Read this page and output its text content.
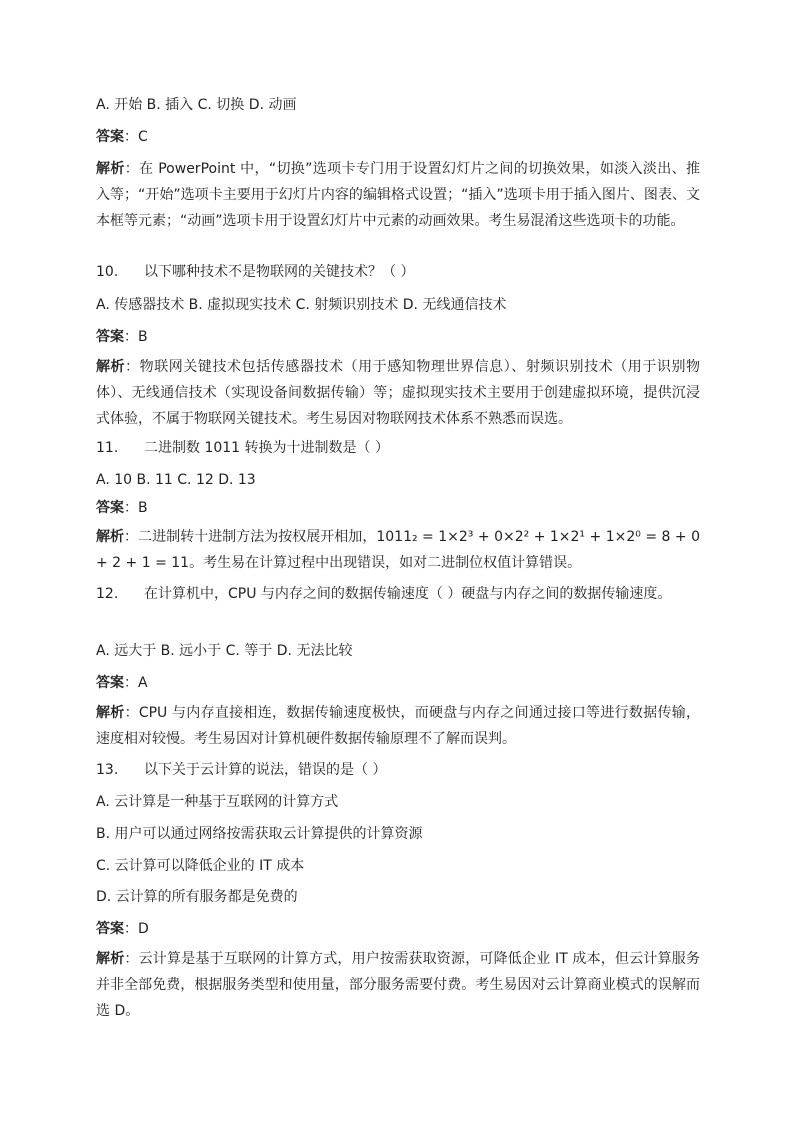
A. 开始 B. 插入 C. 切换 D. 动画
答案：C
解析：在 PowerPoint 中，“切换”选项卡专门用于设置幻灯片之间的切换效果，如淡入淡出、推入等；“开始”选项卡主要用于幻灯片内容的编辑格式设置；“插入”选项卡用于插入图片、图表、文本框等元素；“动画”选项卡用于设置幻灯片中元素的动画效果。考生易混淆这些选项卡的功能。
10. 以下哪种技术不是物联网的关键技术？（ ）
A. 传感器技术 B. 虚拟现实技术 C. 射频识别技术 D. 无线通信技术
答案：B
解析：物联网关键技术包括传感器技术（用于感知物理世界信息）、射频识别技术（用于识别物体）、无线通信技术（实现设备间数据传输）等；虚拟现实技术主要用于创建虚拟环境，提供沉浸式体验，不属于物联网关键技术。考生易因对物联网技术体系不熟悉而误选。
11. 二进制数 1011 转换为十进制数是（ ）
A. 10 B. 11 C. 12 D. 13
答案：B
解析：二进制转十进制方法为按权展开相加，1011₂ = 1×2³ + 0×2² + 1×2¹ + 1×2⁰ = 8 + 0 + 2 + 1 = 11。考生易在计算过程中出现错误，如对二进制位权值计算错误。
12. 在计算机中，CPU 与内存之间的数据传输速度（ ）硬盘与内存之间的数据传输速度。
A. 远大于 B. 远小于 C. 等于 D. 无法比较
答案：A
解析：CPU 与内存直接相连，数据传输速度极快，而硬盘与内存之间通过接口等进行数据传输，速度相对较慢。考生易因对计算机硬件数据传输原理不了解而误判。
13. 以下关于云计算的说法，错误的是（ ）
A. 云计算是一种基于互联网的计算方式
B. 用户可以通过网络按需获取云计算提供的计算资源
C. 云计算可以降低企业的 IT 成本
D. 云计算的所有服务都是免费的
答案：D
解析：云计算是基于互联网的计算方式，用户按需获取资源，可降低企业 IT 成本，但云计算服务并非全部免费，根据服务类型和使用量，部分服务需要付费。考生易因对云计算商业模式的误解而选 D。
